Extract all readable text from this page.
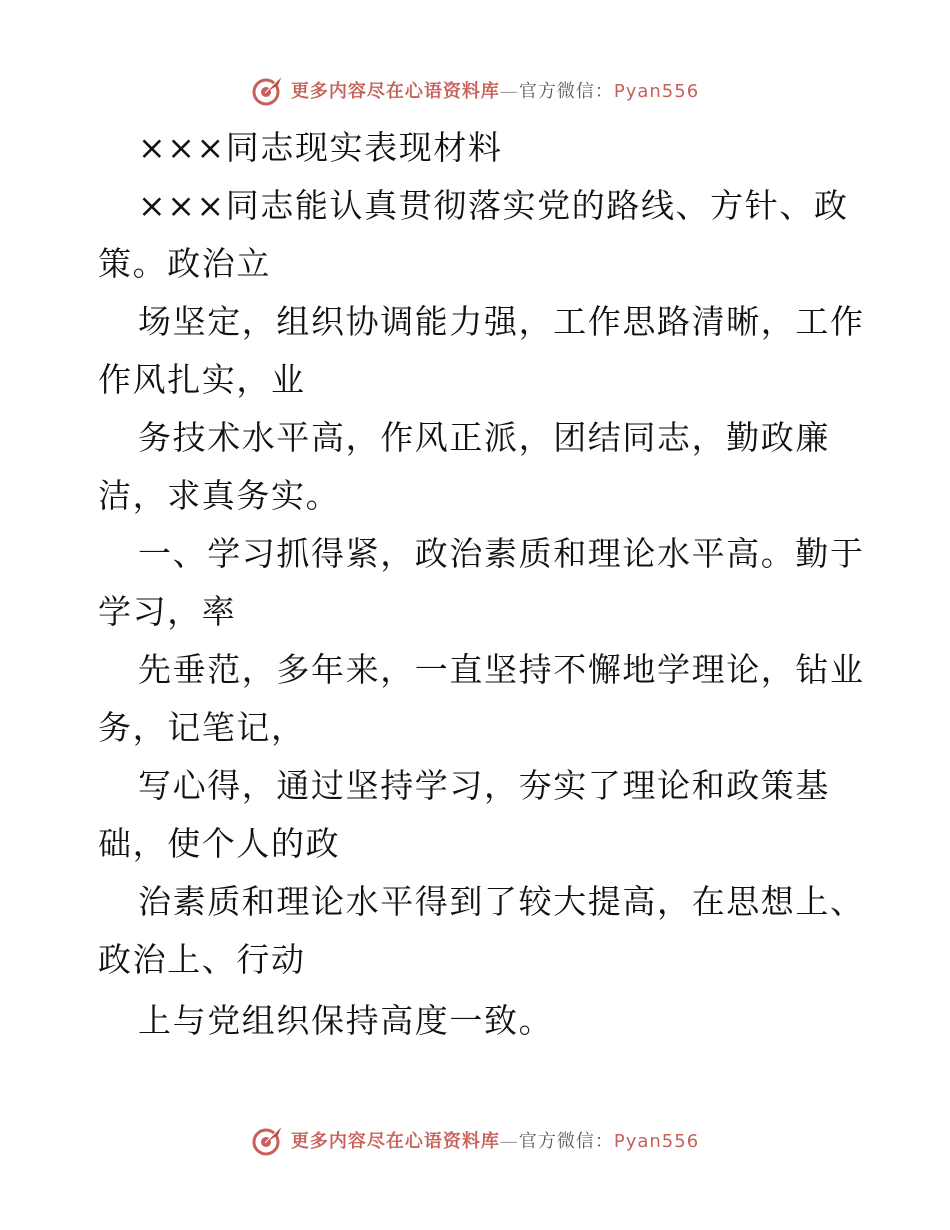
更多内容尽在心语资料库—官方微信：Pyan556
×××同志现实表现材料
×××同志能认真贯彻落实党的路线、方针、政
策。政治立
场坚定，组织协调能力强，工作思路清晰，工作
作风扎实，业
务技术水平高，作风正派，团结同志，勤政廉
洁，求真务实。
一、学习抓得紧，政治素质和理论水平高。勤于
学习，率
先垂范，多年来，一直坚持不懈地学理论，钻业
务，记笔记，
写心得，通过坚持学习，夯实了理论和政策基
础，使个人的政
治素质和理论水平得到了较大提高，在思想上、
政治上、行动
上与党组织保持高度一致。
更多内容尽在心语资料库—官方微信：Pyan556
